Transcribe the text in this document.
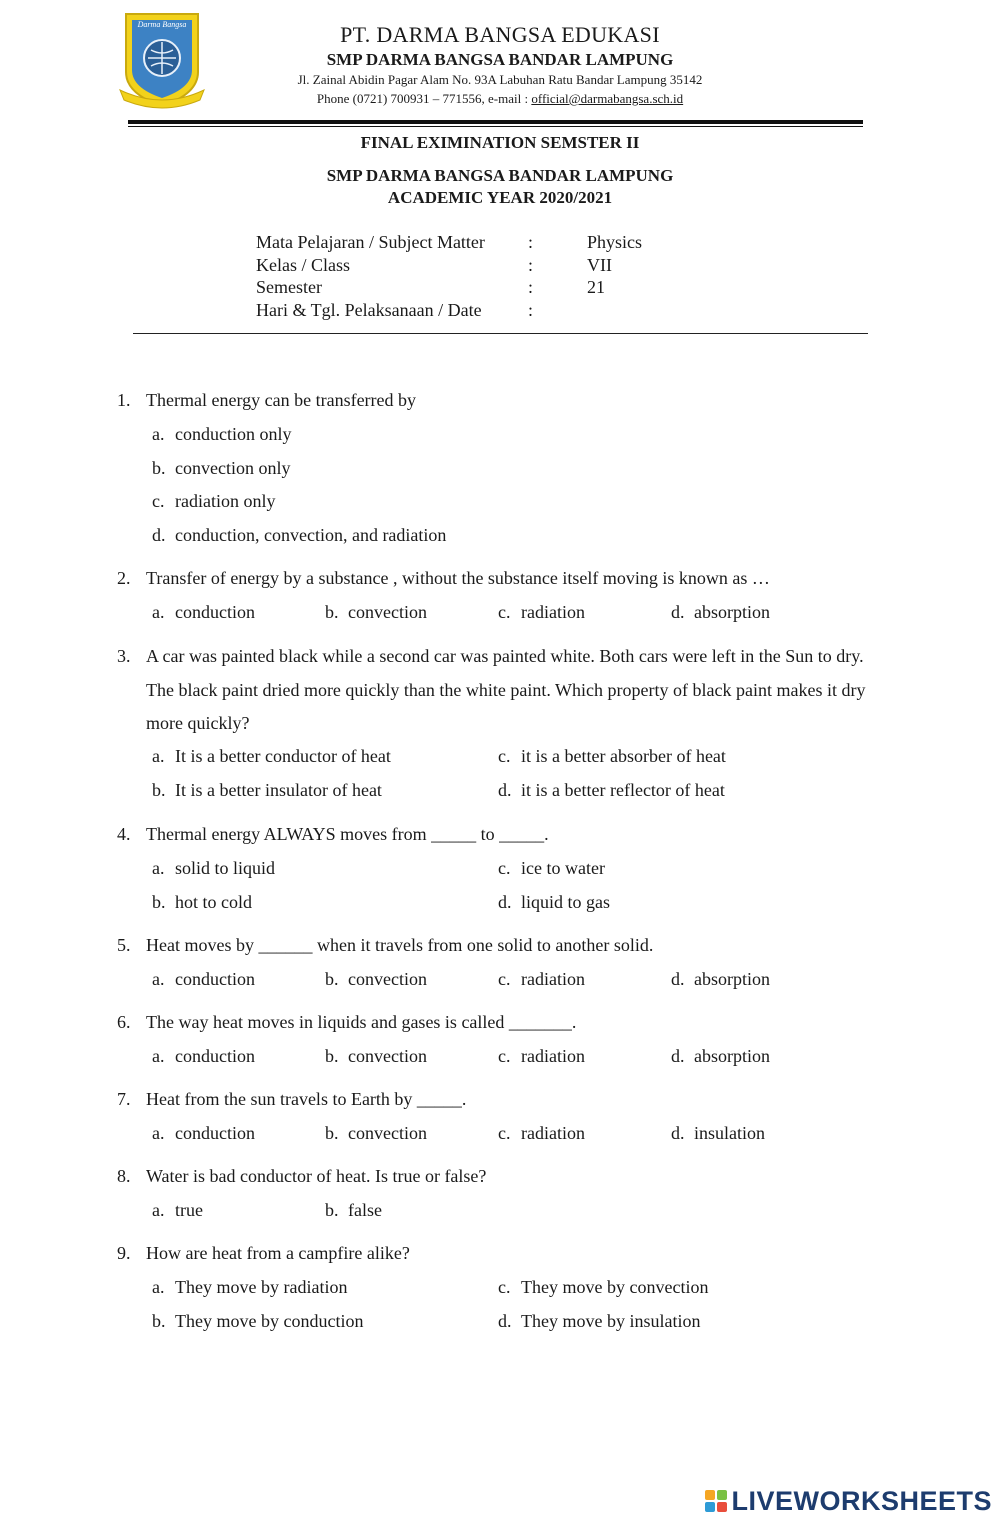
Darma Bangsa	PT. DARMA BANGSA EDUKASI
SMP DARMA BANGSA BANDAR LAMPUNG
Jl. Zainal Abidin Pagar Alam No. 93A Labuhan Ratu Bandar Lampung 35142
Phone (0721) 700931 – 771556, e-mail : official@darmabangsa.sch.id
FINAL EXIMINATION SEMSTER II
SMP DARMA BANGSA BANDAR LAMPUNG
ACADEMIC YEAR 2020/2021
Mata Pelajaran / Subject Matter :	Physics
Kelas / Class	:	VII
Semester	:	21
Hari & Tgl. Pelaksanaan / Date	:
1. Thermal energy can be transferred by
a. conduction only
b. convection only
c. radiation only
d. conduction, convection, and radiation
2. Transfer of energy by a substance , without the substance itself moving is known as …
a. conduction	b. convection	c. radiation	d. absorption
3. A car was painted black while a second car was painted white. Both cars were left in the Sun to dry. The black paint dried more quickly than the white paint. Which property of black paint makes it dry more quickly?
a. It is a better conductor of heat
b. It is a better insulator of heat
c. it is a better absorber of heat
d. it is a better reflector of heat
4. Thermal energy ALWAYS moves from _____ to _____.
a. solid to liquid
b. hot to cold
c. ice to water
d. liquid to gas
5. Heat moves by ______ when it travels from one solid to another solid.
a. conduction	b. convection	c. radiation	d. absorption
6. The way heat moves in liquids and gases is called _______.
a. conduction	b. convection	c. radiation	d. absorption
7. Heat from the sun travels to Earth by _____.
a. conduction	b. convection	c. radiation	d. insulation
8. Water is bad conductor of heat. Is true or false?
a. true	b. false
9. How are heat from a campfire alike?
a. They move by radiation
b. They move by conduction
c. They move by convection
d. They move by insulation
LIVEWORKSHEETS
